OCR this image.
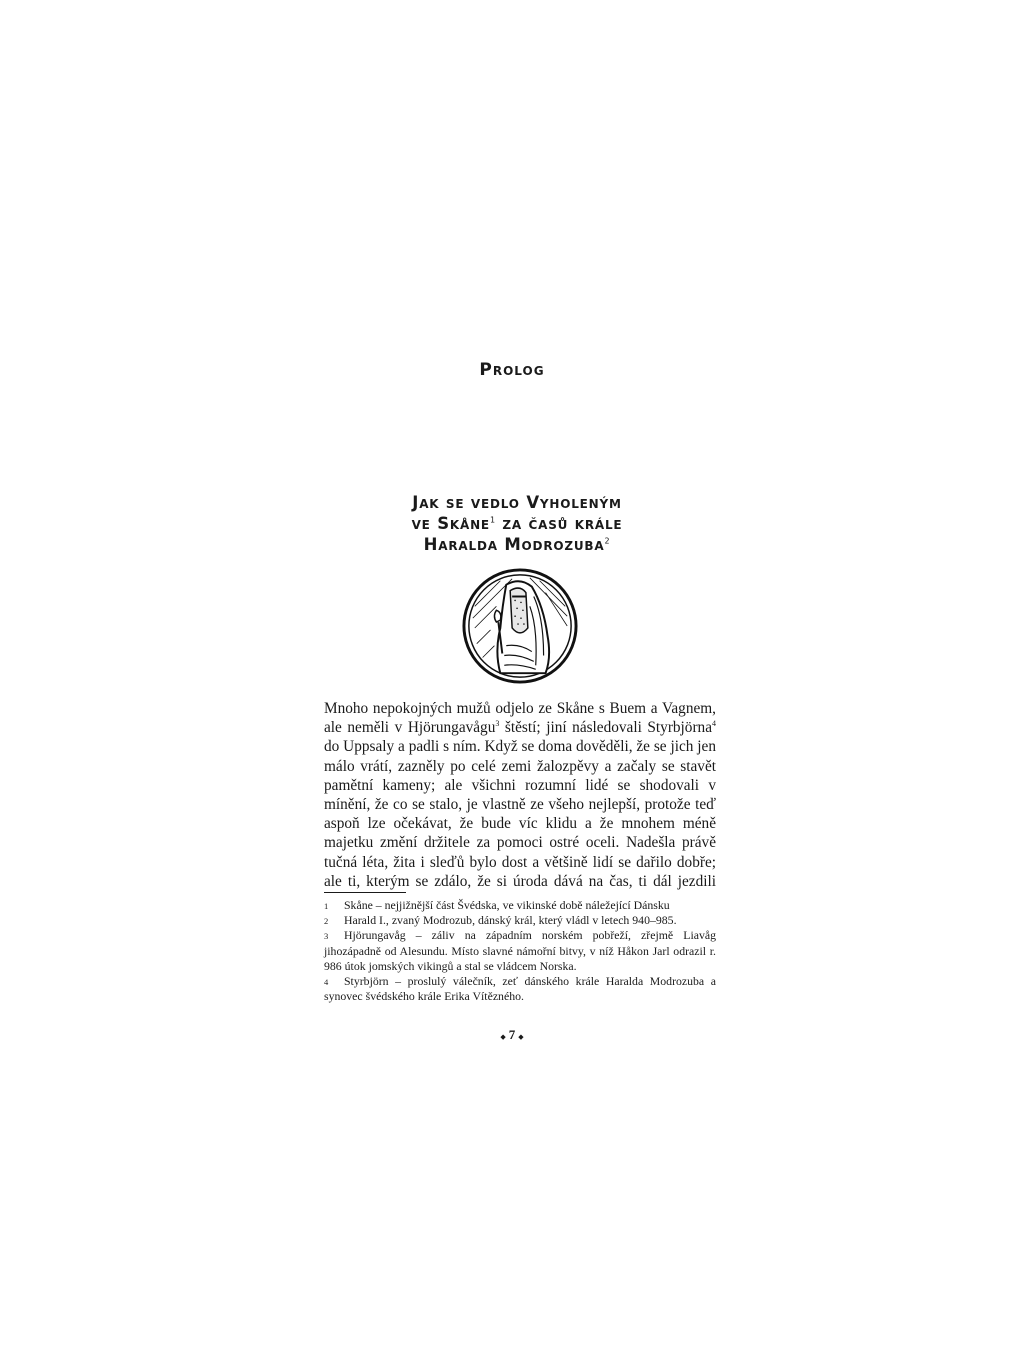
Prolog
Jak se vedlo Vyholeným
ve Skåne$^1$ za časů krále
Haralda Modrozuba$^2$

Mnoho nepokojných mužů odjelo ze Skåne s Buem a Vagnem, ale neměli v Hjörungavågu$^3$ štěstí; jiní následovali Styrbjörna$^4$ do Uppsaly a padli s ním. Když se doma dověděli, že se jich jen málo vrátí, zazněly po celé zemi žalozpěvy a začaly se stavět pamětní kameny; ale všichni rozumní lidé se shodovali v mínění, že co se stalo, je vlastně ze všeho nejlepší, protože teď aspoň lze očekávat, že bude víc klidu a že mnohem méně majetku změní držitele za pomoci ostré oceli. Nadešla právě tučná léta, žita i sleďů bylo dost a většině lidí se dařilo dobře; ale ti, kterým se zdálo, že si úroda dává na čas, ti dál jezdili

1 Skåne – nejjižnější část Švédska, ve vikinské době náležející Dánsku

2 Harald I., zvaný Modrozub, dánský král, který vládl v letech 940–985.

3 Hjörungavåg – záliv na západním norském pobřeží, zřejmě Liavåg jihozápadně od Alesundu. Místo slavné námořní bitvy, v níž Håkon Jarl odrazil r. 986 útok jomských vikingů a stal se vládcem Norska.

4 Styrbjörn – proslulý válečník, zeť dánského krále Haralda Modrozuba a synovec švédského krále Erika Vítězného.

◆ 7 ◆
